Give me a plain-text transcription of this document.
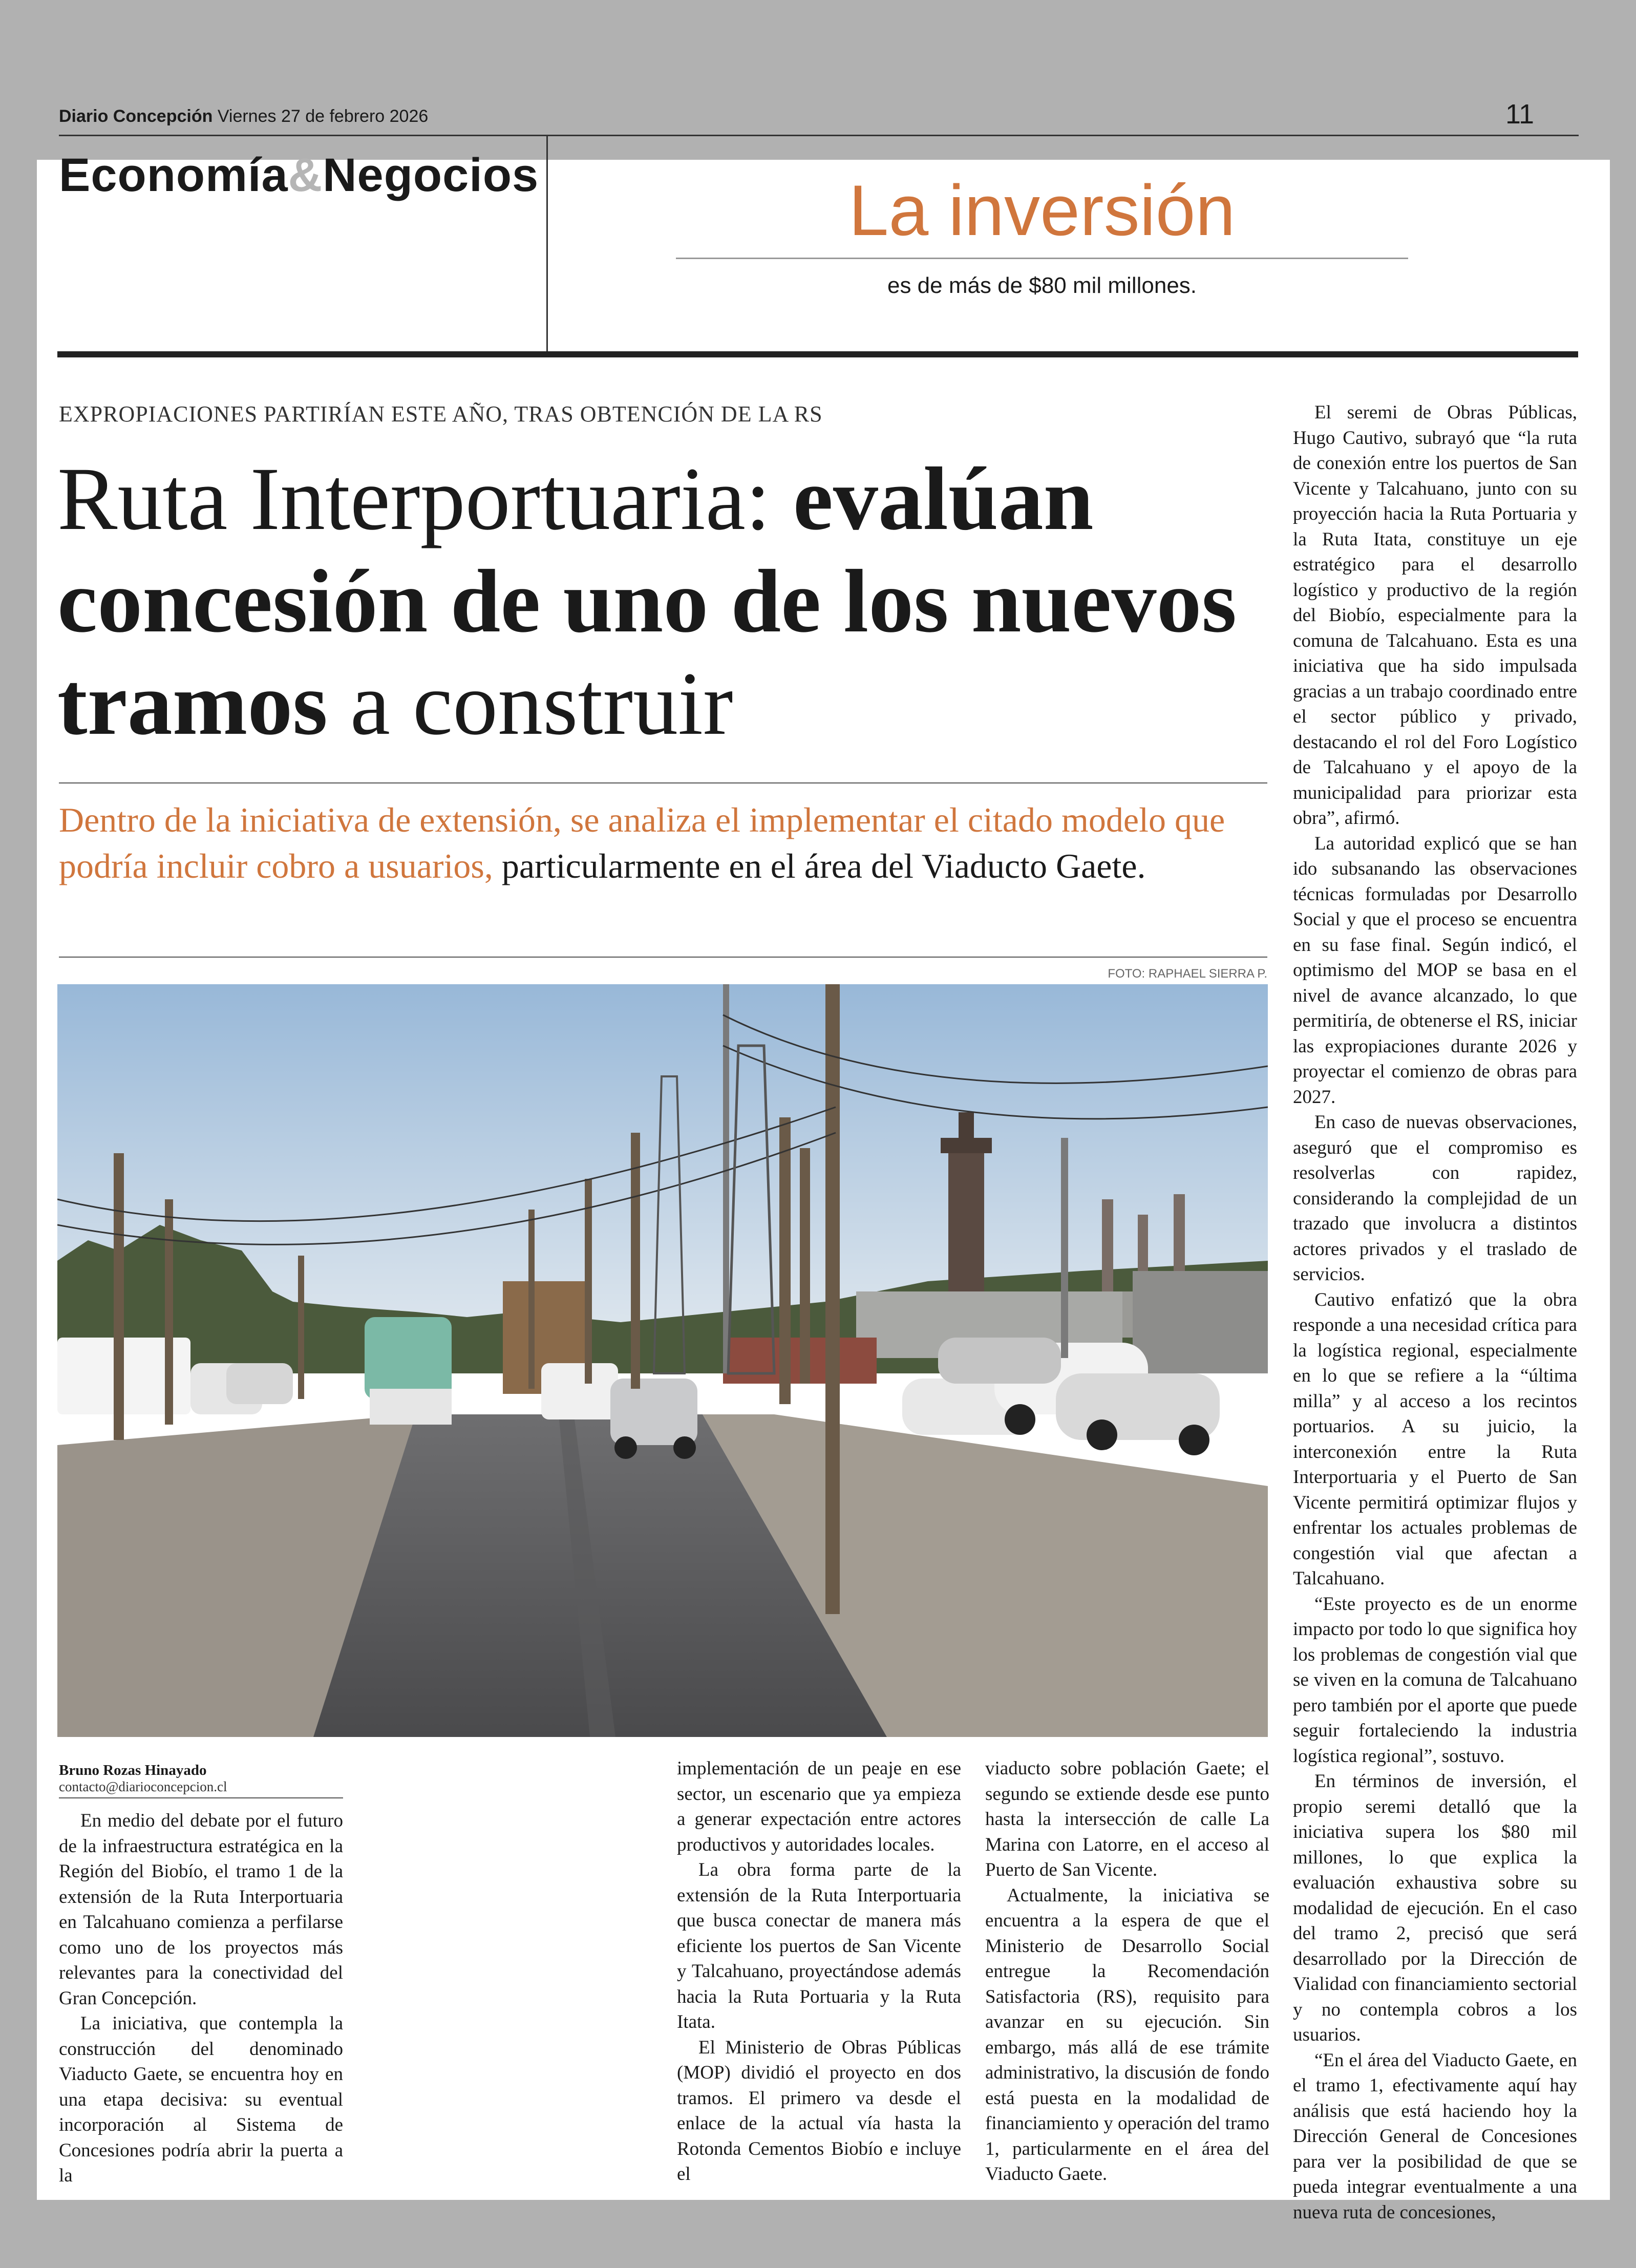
Diario Concepción Viernes 27 de febrero 2026	11
Economía&Negocios	La inversión
es de más de $80 mil millones.
EXPROPIACIONES PARTIRÍAN ESTE AÑO, TRAS OBTENCIÓN DE LA RS
Ruta Interportuaria: evalúan concesión de uno de los nuevos tramos a construir
Dentro de la iniciativa de extensión, se analiza el implementar el citado modelo que podría incluir cobro a usuarios, particularmente en el área del Viaducto Gaete.
FOTO: RAPHAEL SIERRA P.
Bruno Rozas Hinayado
contacto@diarioconcepcion.cl

En medio del debate por el futuro de la infraestructura estratégica en la Región del Biobío, el tramo 1 de la extensión de la Ruta Interportuaria en Talcahuano comienza a perfilarse como uno de los proyectos más relevantes para la conectividad del Gran Concepción.

La iniciativa, que contempla la construcción del denominado Viaducto Gaete, se encuentra hoy en una etapa decisiva: su eventual incorporación al Sistema de Concesiones podría abrir la puerta a la

implementación de un peaje en ese sector, un escenario que ya empieza a generar expectación entre actores productivos y autoridades locales.

La obra forma parte de la extensión de la Ruta Interportuaria que busca conectar de manera más eficiente los puertos de San Vicente y Talcahuano, proyectándose además hacia la Ruta Portuaria y la Ruta Itata.

El Ministerio de Obras Públicas (MOP) dividió el proyecto en dos tramos. El primero va desde el enlace de la actual vía hasta la Rotonda Cementos Biobío e incluye el

viaducto sobre población Gaete; el segundo se extiende desde ese punto hasta la intersección de calle La Marina con Latorre, en el acceso al Puerto de San Vicente.

Actualmente, la iniciativa se encuentra a la espera de que el Ministerio de Desarrollo Social entregue la Recomendación Satisfactoria (RS), requisito para avanzar en su ejecución. Sin embargo, más allá de ese trámite administrativo, la discusión de fondo está puesta en la modalidad de financiamiento y operación del tramo 1, particularmente en el área del Viaducto Gaete.

El seremi de Obras Públicas, Hugo Cautivo, subrayó que “la ruta de conexión entre los puertos de San Vicente y Talcahuano, junto con su proyección hacia la Ruta Portuaria y la Ruta Itata, constituye un eje estratégico para el desarrollo logístico y productivo de la región del Biobío, especialmente para la comuna de Talcahuano. Esta es una iniciativa que ha sido impulsada gracias a un trabajo coordinado entre el sector público y privado, destacando el rol del Foro Logístico de Talcahuano y el apoyo de la municipalidad para priorizar esta obra”, afirmó.

La autoridad explicó que se han ido subsanando las observaciones técnicas formuladas por Desarrollo Social y que el proceso se encuentra en su fase final. Según indicó, el optimismo del MOP se basa en el nivel de avance alcanzado, lo que permitiría, de obtenerse el RS, iniciar las expropiaciones durante 2026 y proyectar el comienzo de obras para 2027.

En caso de nuevas observaciones, aseguró que el compromiso es resolverlas con rapidez, considerando la complejidad de un trazado que involucra a distintos actores privados y el traslado de servicios.

Cautivo enfatizó que la obra responde a una necesidad crítica para la logística regional, especialmente en lo que se refiere a la “última milla” y al acceso a los recintos portuarios. A su juicio, la interconexión entre la Ruta Interportuaria y el Puerto de San Vicente permitirá optimizar flujos y enfrentar los actuales problemas de congestión vial que afectan a Talcahuano.

“Este proyecto es de un enorme impacto por todo lo que significa hoy los problemas de congestión vial que se viven en la comuna de Talcahuano pero también por el aporte que puede seguir fortaleciendo la industria logística regional”, sostuvo.

En términos de inversión, el propio seremi detalló que la iniciativa supera los $80 mil millones, lo que explica la evaluación exhaustiva sobre su modalidad de ejecución. En el caso del tramo 2, precisó que será desarrollado por la Dirección de Vialidad con financiamiento sectorial y no contempla cobros a los usuarios.

“En el área del Viaducto Gaete, en el tramo 1, efectivamente aquí hay análisis que está haciendo hoy la Dirección General de Concesiones para ver la posibilidad de que se pueda integrar eventualmente a una nueva ruta de concesiones,
